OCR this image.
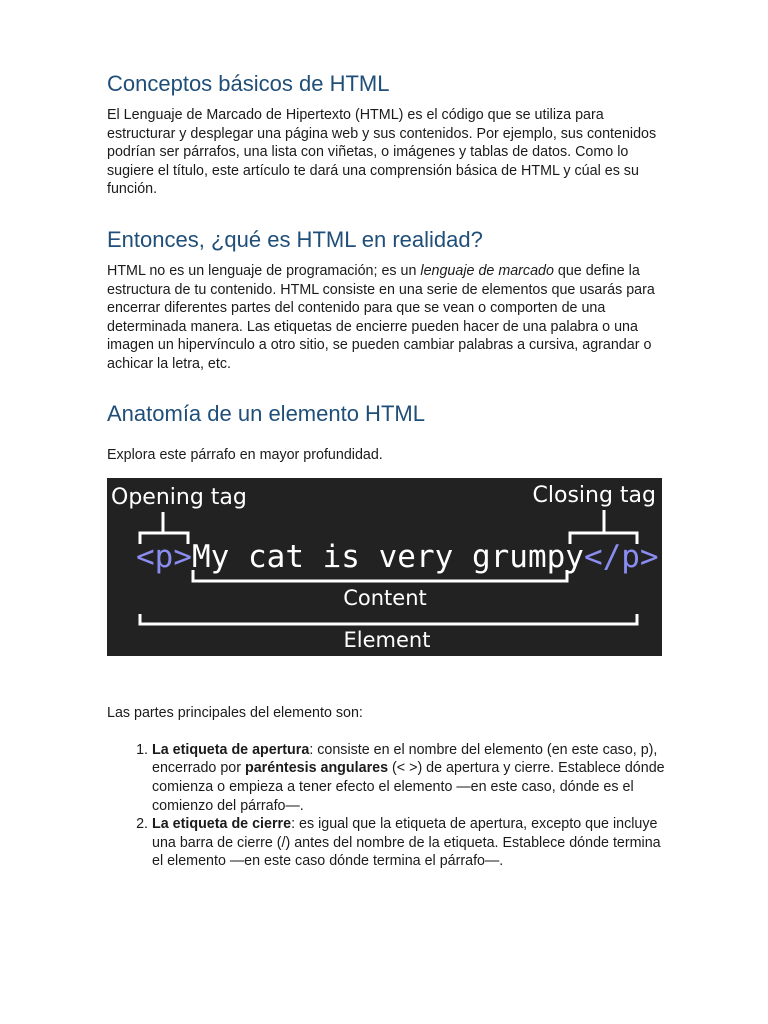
Conceptos básicos de HTML

El Lenguaje de Marcado de Hipertexto (HTML) es el código que se utiliza para estructurar y desplegar una página web y sus contenidos. Por ejemplo, sus contenidos podrían ser párrafos, una lista con viñetas, o imágenes y tablas de datos. Como lo sugiere el título, este artículo te dará una comprensión básica de HTML y cúal es su función.

Entonces, ¿qué es HTML en realidad?

HTML no es un lenguaje de programación; es un lenguaje de marcado que define la estructura de tu contenido. HTML consiste en una serie de elementos que usarás para encerrar diferentes partes del contenido para que se vean o comporten de una determinada manera. Las etiquetas de encierre pueden hacer de una palabra o una imagen un hipervínculo a otro sitio, se pueden cambiar palabras a cursiva, agrandar o achicar la letra, etc.

Anatomía de un elemento HTML

Explora este párrafo en mayor profundidad.

Opening tag	Closing tag
<p>My cat is very grumpy</p>
Content
Element

Las partes principales del elemento son:

1. La etiqueta de apertura: consiste en el nombre del elemento (en este caso, p), encerrado por paréntesis angulares (< >) de apertura y cierre. Establece dónde comienza o empieza a tener efecto el elemento —en este caso, dónde es el comienzo del párrafo—.
2. La etiqueta de cierre: es igual que la etiqueta de apertura, excepto que incluye una barra de cierre (/) antes del nombre de la etiqueta. Establece dónde termina el elemento —en este caso dónde termina el párrafo—.
